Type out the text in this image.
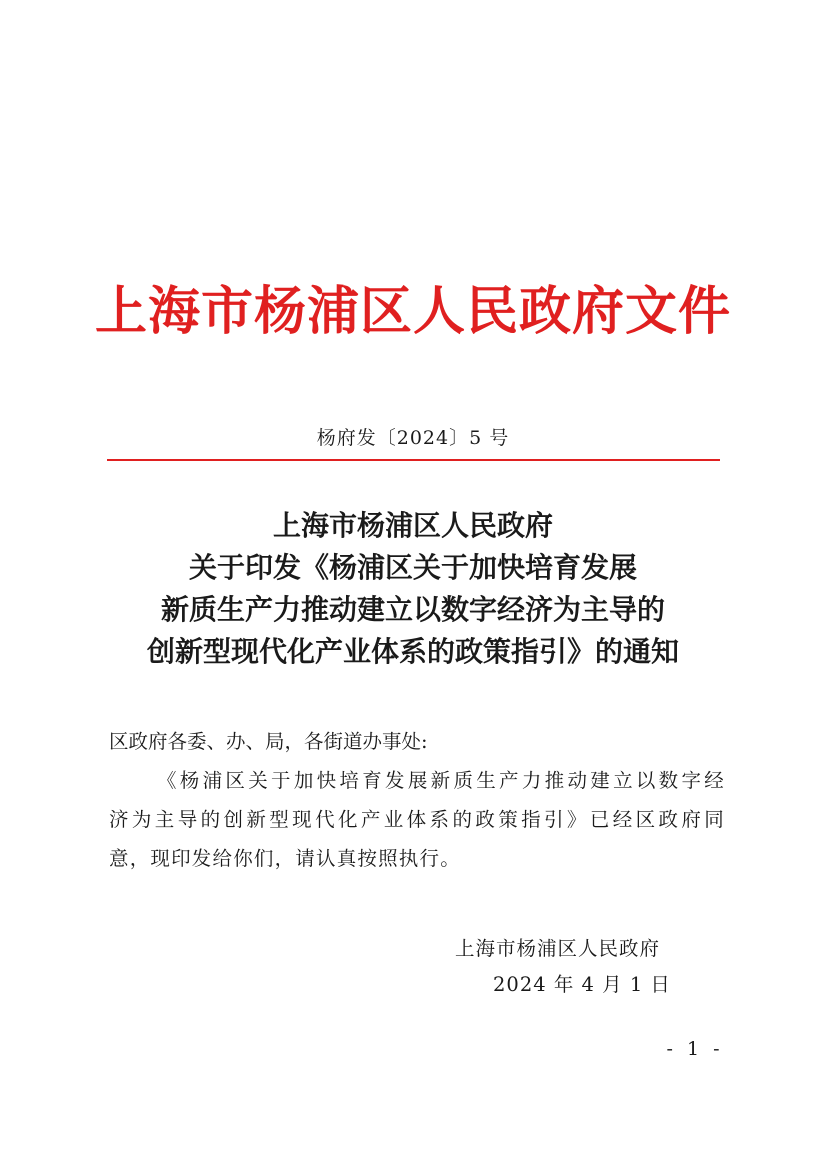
上海市杨浦区人民政府文件
杨府发〔2024〕5 号
上海市杨浦区人民政府
关于印发《杨浦区关于加快培育发展
新质生产力推动建立以数字经济为主导的
创新型现代化产业体系的政策指引》的通知
区政府各委、办、局，各街道办事处:
《杨浦区关于加快培育发展新质生产力推动建立以数字经
济为主导的创新型现代化产业体系的政策指引》已经区政府同
意，现印发给你们，请认真按照执行。
上海市杨浦区人民政府
2024 年 4 月 1 日
- 1 -
